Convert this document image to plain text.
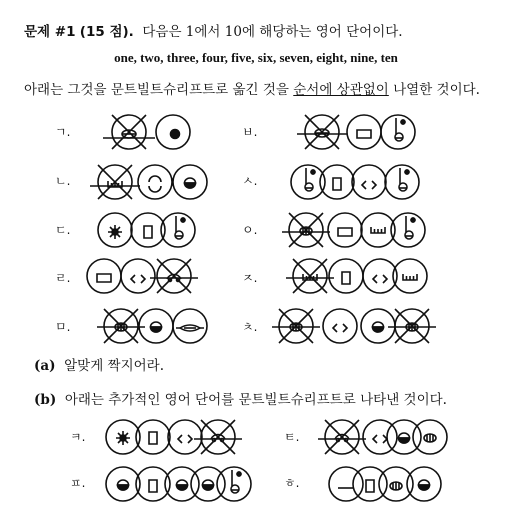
문제 #1 (15 점). 다음은 1에서 10에 해당하는 영어 단어이다.
one, two, three, four, five, six, seven, eight, nine, ten
아래는 그것을 문트빌트슈리프트로 옮긴 것을 순서에 상관없이 나열한 것이다.
ㄱ.
ㄴ.
ㄷ.
ㄹ.
ㅁ.
ㅂ.
ㅅ.
ㅇ.
ㅈ.
ㅊ.
(a) 알맞게 짝지어라.
(b) 아래는 추가적인 영어 단어를 문트빌트슈리프트로 나타낸 것이다.
ㅋ.	ㅌ.
ㅍ.	ㅎ.
